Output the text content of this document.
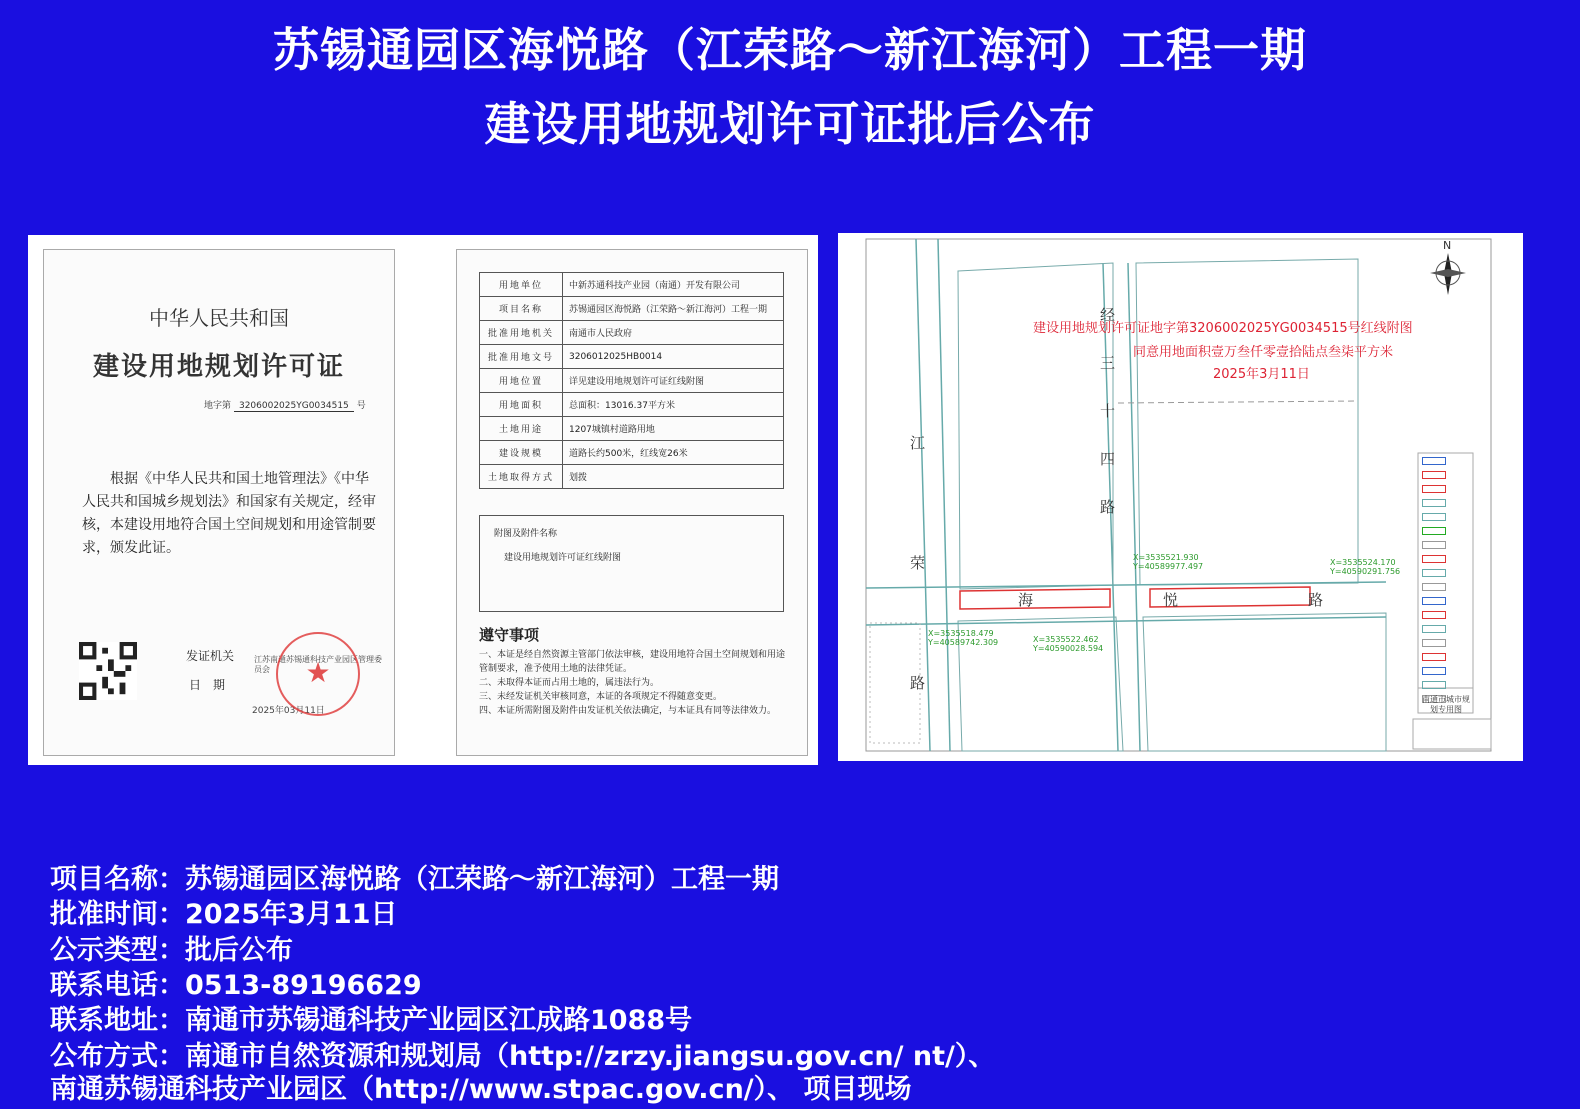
苏锡通园区海悦路（江荣路～新江海河）工程一期
建设用地规划许可证批后公布
中华人民共和国
建设用地规划许可证
地字第 320600202​5YG0034515 号
根据《中华人民共和国土地管理法》《中华人民共和国城乡规划法》和国家有关规定，经审核，本建设用地符合国土空间规划和用途管制要求，颁发此证。
发证机关 江苏南通苏锡通科技产业园区管理委员会
日　期
2025年03月11日
★
用地单位	中新苏通科技产业园（南通）开发有限公司
项目名称	苏锡通园区海悦路（江荣路～新江海河）工程一期
批准用地机关	南通市人民政府
批准用地文号	3206012025HB0014
用地位置	详见建设用地规划许可证红线附图
用地面积	总面积：13016.37平方米
土地用途	1207城镇村道路用地
建设规模	道路长约500米，红线宽26米
土地取得方式	划拨
附图及附件名称
建设用地规划许可证红线附图
遵守事项
一、本证是经自然资源主管部门依法审核，建设用地符合国土空间规划和用途管制要求，准予使用土地的法律凭证。
二、未取得本证而占用土地的，属违法行为。
三、未经发证机关审核同意，本证的各项规定不得随意变更。
四、本证所需附图及附件由发证机关依法确定，与本证具有同等法律效力。
N
建设用地规划许可证地字第3206002025YG0034515号红线附图
同意用地面积壹万叁仟零壹拾陆点叁柒平方米
2025年3月11日
江荣路
经三十四路
海悦路
X=3535521.930 Y=40589977.497	X=3535524.170 Y=40590291.756
X=3535518.479 Y=40589742.309	X=3535522.462 Y=40590028.594
南通市城市规划专用图
项目名称：苏锡通园区海悦路（江荣路～新江海河）工程一期
批准时间：2025年3月11日
公示类型：批后公布
联系电话：0513-89196629
联系地址：南通市苏锡通科技产业园区江成路1088号
公布方式：南通市自然资源和规划局（http://zrzy.jiangsu.gov.cn/ nt/）、
南通苏锡通科技产业园区（http://www.stpac.gov.cn/）、 项目现场
